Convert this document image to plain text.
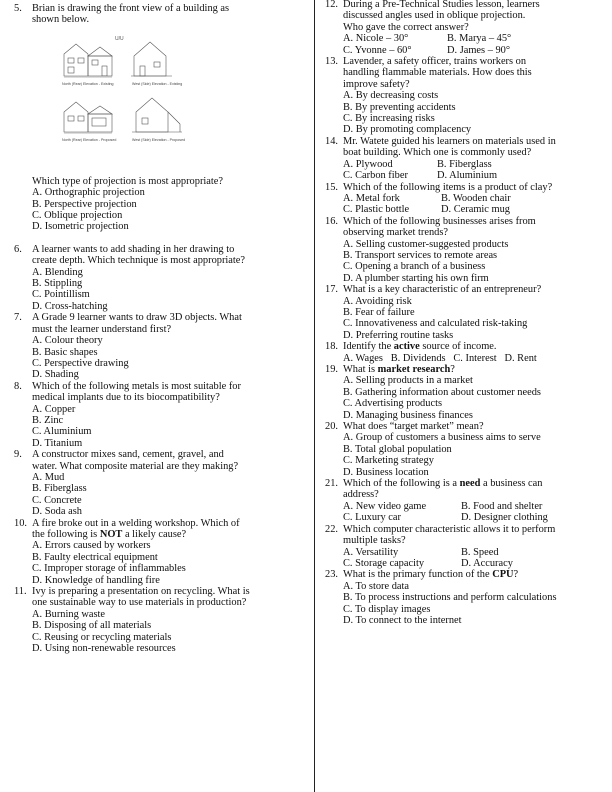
5. Brian is drawing the front view of a building as
shown below.
U/U
North (Rear) Elevation - Existing	West (Side) Elevation - Existing
North (Rear) Elevation - Proposed	West (Side) Elevation - Proposed
Which type of projection is most appropriate?
A. Orthographic projection
B. Perspective projection
C. Oblique projection
D. Isometric projection
6. A learner wants to add shading in her drawing to
create depth. Which technique is most appropriate?
A. Blending
B. Stippling
C. Pointillism
D. Cross-hatching
7. A Grade 9 learner wants to draw 3D objects. What
must the learner understand first?
A. Colour theory
B. Basic shapes
C. Perspective drawing
D. Shading
8. Which of the following metals is most suitable for
medical implants due to its biocompatibility?
A. Copper
B. Zinc
C. Aluminium
D. Titanium
9. A constructor mixes sand, cement, gravel, and
water. What composite material are they making?
A. Mud
B. Fiberglass
C. Concrete
D. Soda ash
10. A fire broke out in a welding workshop. Which of
the following is NOT a likely cause?
A. Errors caused by workers
B. Faulty electrical equipment
C. Improper storage of inflammables
D. Knowledge of handling fire
11. Ivy is preparing a presentation on recycling. What is
one sustainable way to use materials in production?
A. Burning waste
B. Disposing of all materials
C. Reusing or recycling materials
D. Using non-renewable resources
12. During a Pre-Technical Studies lesson, learners
discussed angles used in oblique projection.
Who gave the correct answer?
A. Nicole – 30°	B. Marya – 45°
C. Yvonne – 60°	D. James – 90°
13. Lavender, a safety officer, trains workers on
handling flammable materials. How does this
improve safety?
A. By decreasing costs
B. By preventing accidents
C. By increasing risks
D. By promoting complacency
14. Mr. Watete guided his learners on materials used in
boat building. Which one is commonly used?
A. Plywood	B. Fiberglass
C. Carbon fiber	D. Aluminium
15. Which of the following items is a product of clay?
A. Metal fork	B. Wooden chair
C. Plastic bottle	D. Ceramic mug
16. Which of the following businesses arises from
observing market trends?
A. Selling customer-suggested products
B. Transport services to remote areas
C. Opening a branch of a business
D. A plumber starting his own firm
17. What is a key characteristic of an entrepreneur?
A. Avoiding risk
B. Fear of failure
C. Innovativeness and calculated risk-taking
D. Preferring routine tasks
18. Identify the active source of income.
A. Wages   B. Dividends   C. Interest   D. Rent
19. What is market research?
A. Selling products in a market
B. Gathering information about customer needs
C. Advertising products
D. Managing business finances
20. What does “target market” mean?
A. Group of customers a business aims to serve
B. Total global population
C. Marketing strategy
D. Business location
21. Which of the following is a need a business can
address?
A. New video game	B. Food and shelter
C. Luxury car	D. Designer clothing
22. Which computer characteristic allows it to perform
multiple tasks?
A. Versatility	B. Speed
C. Storage capacity	D. Accuracy
23. What is the primary function of the CPU?
A. To store data
B. To process instructions and perform calculations
C. To display images
D. To connect to the internet
